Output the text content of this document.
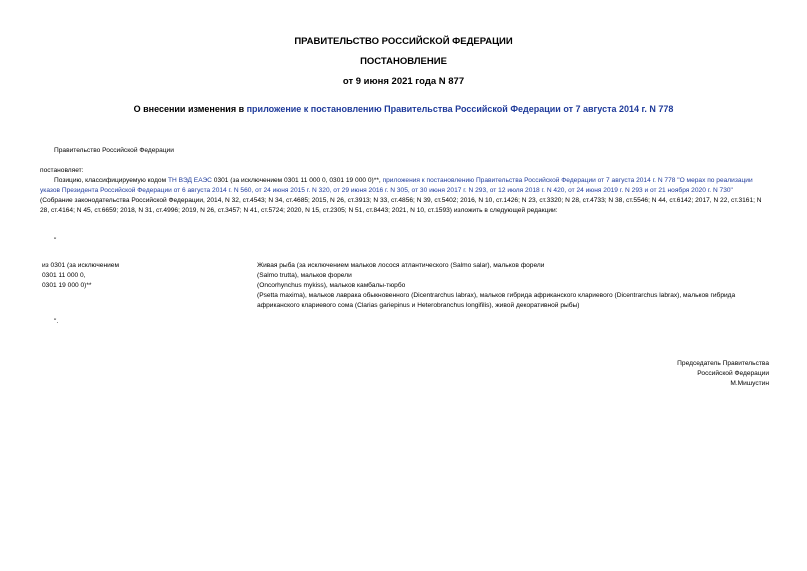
ПРАВИТЕЛЬСТВО РОССИЙСКОЙ ФЕДЕРАЦИИ
ПОСТАНОВЛЕНИЕ
от 9 июня 2021 года N 877
О внесении изменения в приложение к постановлению Правительства Российской Федерации от 7 августа 2014 г. N 778
Правительство Российской Федерации
постановляет:
Позицию, классифицируемую кодом ТН ВЭД ЕАЭС 0301 (за исключением 0301 11 000 0, 0301 19 000 0)**, приложения к постановлению Правительства Российской Федерации от 7 августа 2014 г. N 778 "О мерах по реализации указов Президента Российской Федерации от 6 августа 2014 г. N 560, от 24 июня 2015 г. N 320, от 29 июня 2016 г. N 305, от 30 июня 2017 г. N 293, от 12 июля 2018 г. N 420, от 24 июня 2019 г. N 293 и от 21 ноября 2020 г. N 730" (Собрание законодательства Российской Федерации, 2014, N 32, ст.4543; N 34, ст.4685; 2015, N 26, ст.3913; N 33, ст.4856; N 39, ст.5402; 2016, N 10, ст.1426; N 23, ст.3320; N 28, ст.4733; N 38, ст.5546; N 44, ст.6142; 2017, N 22, ст.3161; N 28, ст.4164; N 45, ст.6659; 2018, N 31, ст.4996; 2019, N 26, ст.3457; N 41, ст.5724; 2020, N 15, ст.2305; N 51, ст.8443; 2021, N 10, ст.1593) изложить в следующей редакции:
"
из 0301 (за исключением
0301 11 000 0,
0301 19 000 0)**
Живая рыба (за исключением мальков лосося атлантического (Salmo salar), мальков форели
(Salmo trutta), мальков форели
(Oncorhynchus mykiss), мальков камбалы-тюрбо
(Psetta maxima), мальков лаврака обыкновенного (Dicentrarchus labrax), мальков гибрида африканского клариевого (Dicentrarchus labrax), мальков гибрида
африканского клариевого сома (Clarias gariepinus и Heterobranchus longifilis), живой декоративной рыбы)
".
Председатель Правительства
Российской Федерации
М.Мишустин
